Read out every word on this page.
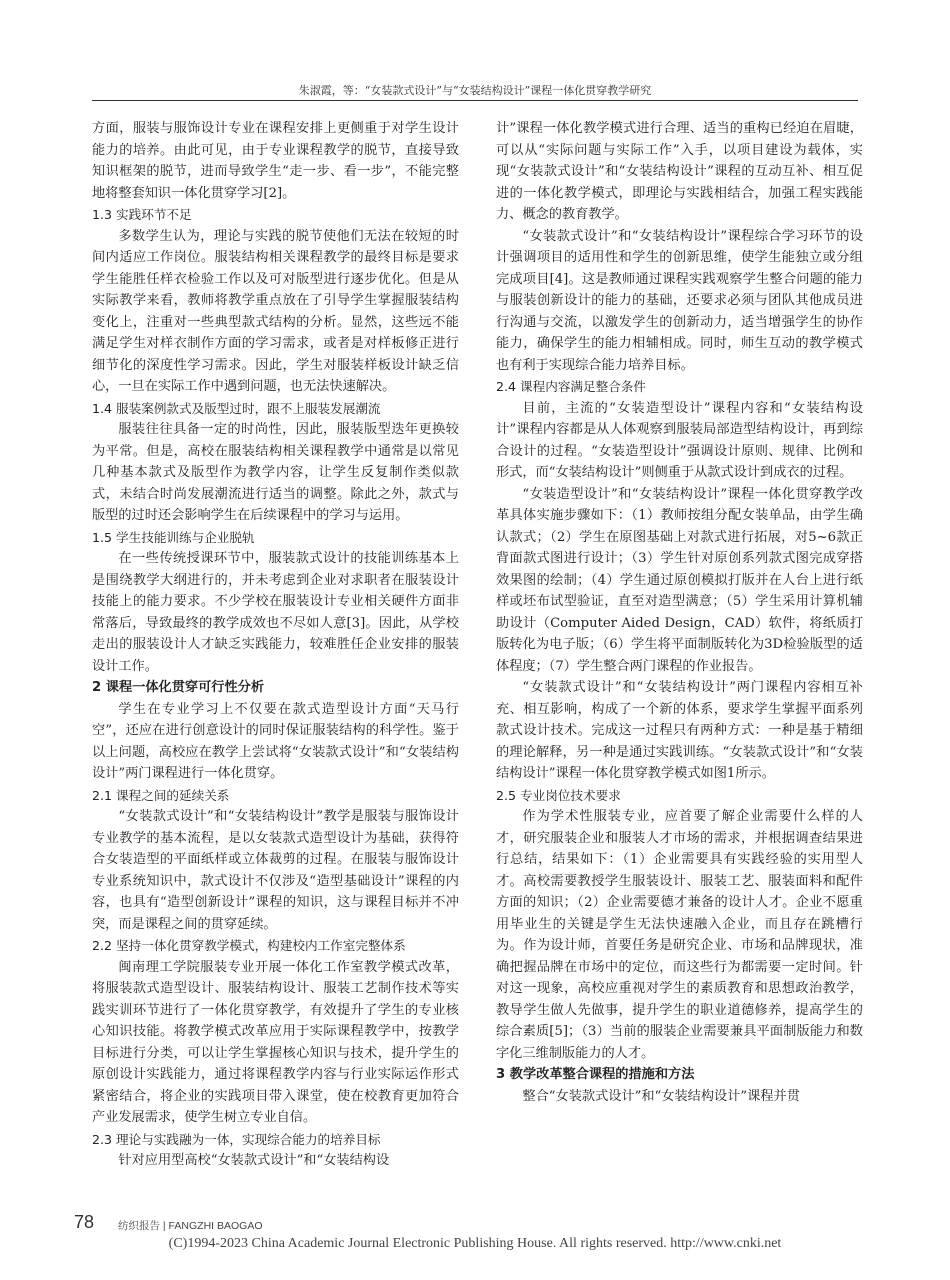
朱淑霞，等：“女装款式设计”与“女装结构设计”课程一体化贯穿教学研究

方面，服装与服饰设计专业在课程安排上更侧重于对学生设计能力的培养。由此可见，由于专业课程教学的脱节，直接导致知识框架的脱节，进而导致学生“走一步、看一步”，不能完整地将整套知识一体化贯穿学习[2]。

1.3 实践环节不足

多数学生认为，理论与实践的脱节使他们无法在较短的时间内适应工作岗位。服装结构相关课程教学的最终目标是要求学生能胜任样衣检验工作以及可对版型进行逐步优化。但是从实际教学来看，教师将教学重点放在了引导学生掌握服装结构变化上，注重对一些典型款式结构的分析。显然，这些远不能满足学生对样衣制作方面的学习需求，或者是对样板修正进行细节化的深度性学习需求。因此，学生对服装样板设计缺乏信心，一旦在实际工作中遇到问题，也无法快速解决。

1.4 服装案例款式及版型过时，跟不上服装发展潮流

服装往往具备一定的时尚性，因此，服装版型迭年更换较为平常。但是，高校在服装结构相关课程教学中通常是以常见几种基本款式及版型作为教学内容，让学生反复制作类似款式，未结合时尚发展潮流进行适当的调整。除此之外，款式与版型的过时还会影响学生在后续课程中的学习与运用。

1.5 学生技能训练与企业脱轨

在一些传统授课环节中，服装款式设计的技能训练基本上是围绕教学大纲进行的，并未考虑到企业对求职者在服装设计技能上的能力要求。不少学校在服装设计专业相关硬件方面非常落后，导致最终的教学成效也不尽如人意[3]。因此，从学校走出的服装设计人才缺乏实践能力，较难胜任企业安排的服装设计工作。

2 课程一体化贯穿可行性分析

学生在专业学习上不仅要在款式造型设计方面“天马行空”，还应在进行创意设计的同时保证服装结构的科学性。鉴于以上问题，高校应在教学上尝试将“女装款式设计”和“女装结构设计”两门课程进行一体化贯穿。

2.1 课程之间的延续关系

“女装款式设计”和“女装结构设计”教学是服装与服饰设计专业教学的基本流程，是以女装款式造型设计为基础，获得符合女装造型的平面纸样或立体裁剪的过程。在服装与服饰设计专业系统知识中，款式设计不仅涉及“造型基础设计”课程的内容，也具有“造型创新设计”课程的知识，这与课程目标并不冲突，而是课程之间的贯穿延续。

2.2 坚持一体化贯穿教学模式，构建校内工作室完整体系

闽南理工学院服装专业开展一体化工作室教学模式改革，将服装款式造型设计、服装结构设计、服装工艺制作技术等实践实训环节进行了一体化贯穿教学，有效提升了学生的专业核心知识技能。将教学模式改革应用于实际课程教学中，按教学目标进行分类，可以让学生掌握核心知识与技术，提升学生的原创设计实践能力，通过将课程教学内容与行业实际运作形式紧密结合，将企业的实践项目带入课堂，使在校教育更加符合产业发展需求，使学生树立专业自信。

2.3 理论与实践融为一体，实现综合能力的培养目标

针对应用型高校“女装款式设计”和“女装结构设

计”课程一体化教学模式进行合理、适当的重构已经迫在眉睫，可以从“实际问题与实际工作”入手，以项目建设为载体，实现“女装款式设计”和“女装结构设计”课程的互动互补、相互促进的一体化教学模式，即理论与实践相结合，加强工程实践能力、概念的教育教学。

“女装款式设计”和“女装结构设计”课程综合学习环节的设计强调项目的适用性和学生的创新思维，使学生能独立或分组完成项目[4]。这是教师通过课程实践观察学生整合问题的能力与服装创新设计的能力的基础，还要求必须与团队其他成员进行沟通与交流，以激发学生的创新动力，适当增强学生的协作能力，确保学生的能力相辅相成。同时，师生互动的教学模式也有利于实现综合能力培养目标。

2.4 课程内容满足整合条件

目前，主流的“女装造型设计”课程内容和“女装结构设计”课程内容都是从人体观察到服装局部造型结构设计，再到综合设计的过程。“女装造型设计”强调设计原则、规律、比例和形式，而“女装结构设计”则侧重于从款式设计到成衣的过程。

“女装造型设计”和“女装结构设计”课程一体化贯穿教学改革具体实施步骤如下：（1）教师按组分配女装单品，由学生确认款式；（2）学生在原图基础上对款式进行拓展，对5~6款正背面款式图进行设计；（3）学生针对原创系列款式图完成穿搭效果图的绘制；（4）学生通过原创模拟打版并在人台上进行纸样或坯布试型验证，直至对造型满意；（5）学生采用计算机辅助设计（Computer Aided Design，CAD）软件，将纸质打版转化为电子版；（6）学生将平面制版转化为3D检验版型的适体程度；（7）学生整合两门课程的作业报告。

“女装款式设计”和“女装结构设计”两门课程内容相互补充、相互影响，构成了一个新的体系，要求学生掌握平面系列款式设计技术。完成这一过程只有两种方式：一种是基于精细的理论解释，另一种是通过实践训练。“女装款式设计”和“女装结构设计”课程一体化贯穿教学模式如图1所示。

2.5 专业岗位技术要求

作为学术性服装专业，应首要了解企业需要什么样的人才，研究服装企业和服装人才市场的需求，并根据调查结果进行总结，结果如下：（1）企业需要具有实践经验的实用型人才。高校需要教授学生服装设计、服装工艺、服装面料和配件方面的知识；（2）企业需要德才兼备的设计人才。企业不愿重用毕业生的关键是学生无法快速融入企业，而且存在跳槽行为。作为设计师，首要任务是研究企业、市场和品牌现状，准确把握品牌在市场中的定位，而这些行为都需要一定时间。针对这一现象，高校应重视对学生的素质教育和思想政治教学，教导学生做人先做事，提升学生的职业道德修养，提高学生的综合素质[5]；（3）当前的服装企业需要兼具平面制版能力和数字化三维制版能力的人才。

3 教学改革整合课程的措施和方法

整合“女装款式设计”和“女装结构设计”课程并贯

78 纺织报告 | FANGZHI BAOGAO
(C)1994-2023 China Academic Journal Electronic Publishing House. All rights reserved. http://www.cnki.net
